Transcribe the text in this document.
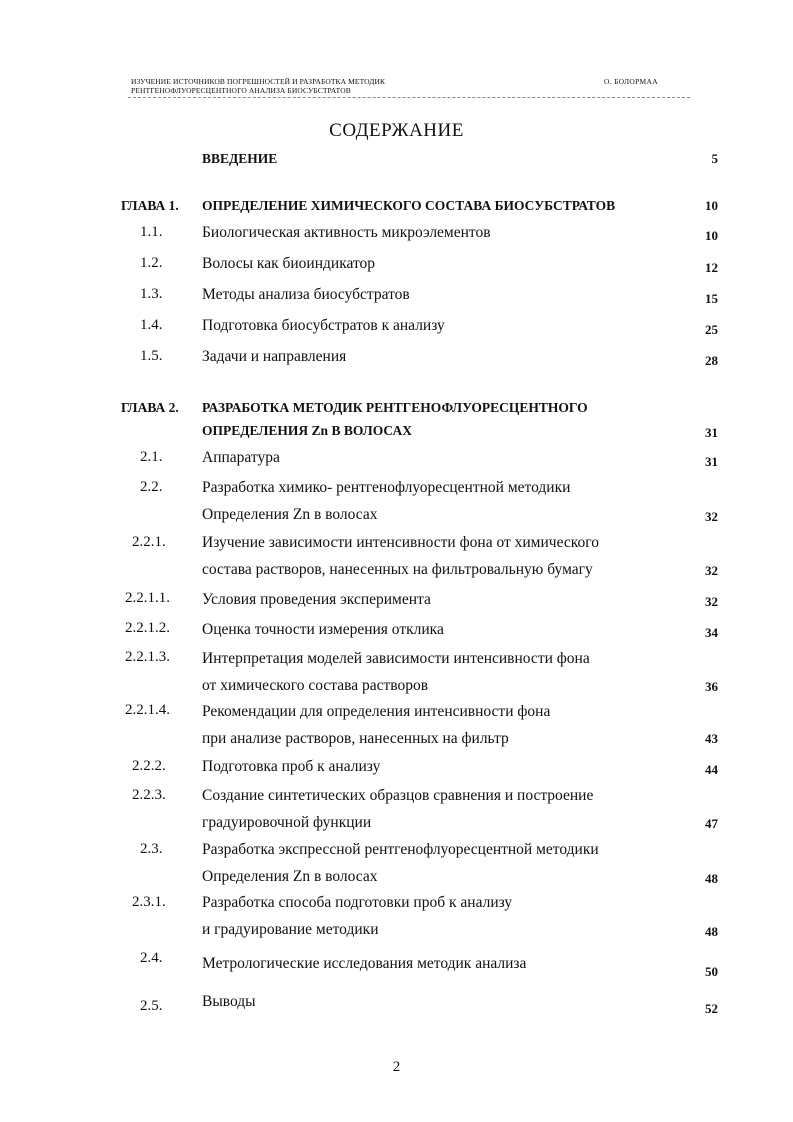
ИЗУЧЕНИЕ ИСТОЧНИКОВ ПОГРЕШНОСТЕЙ И РАЗРАБОТКА МЕТОДИК
РЕНТГЕНОФЛУОРЕСЦЕНТНОГО АНАЛИЗА БИОСУБСТРАТОВ
О. БОЛОРМАА
СОДЕРЖАНИЕ
ВВЕДЕНИЕ	5
ГЛАВА 1. ОПРЕДЕЛЕНИЕ ХИМИЧЕСКОГО СОСТАВА БИОСУБСТРАТОВ	10
1.1.	Биологическая активность микроэлементов	10
1.2.	Волосы как биоиндикатор	12
1.3.	Методы анализа биосубстратов	15
1.4.	Подготовка биосубстратов к анализу	25
1.5.	Задачи и направления	28
ГЛАВА 2. РАЗРАБОТКА МЕТОДИК РЕНТГЕНОФЛУОРЕСЦЕНТНОГО
ОПРЕДЕЛЕНИЯ Zn В ВОЛОСАХ	31
2.1.	Аппаратура	31
2.2.	Разработка химико- рентгенофлуоресцентной методики
Определения Zn в волосах	32
2.2.1. Изучение зависимости интенсивности фона от химического
состава растворов, нанесенных на фильтровальную бумагу	32
2.2.1.1. Условия проведения эксперимента	32
2.2.1.2. Оценка точности измерения отклика	34
2.2.1.3. Интерпретация моделей зависимости интенсивности фона
от химического состава растворов	36
2.2.1.4. Рекомендации для определения интенсивности фона
при анализе растворов, нанесенных на фильтр	43
2.2.2. Подготовка проб к анализу	44
2.2.3. Создание синтетических образцов сравнения и построение
градуировочной функции	47
2.3.	Разработка экспрессной рентгенофлуоресцентной методики
Определения Zn в волосах	48
2.3.1. Разработка способа подготовки проб к анализу
и градуирование методики	48
2.4.	Метрологические исследования методик анализа	50
2.5.	Выводы	52
2
